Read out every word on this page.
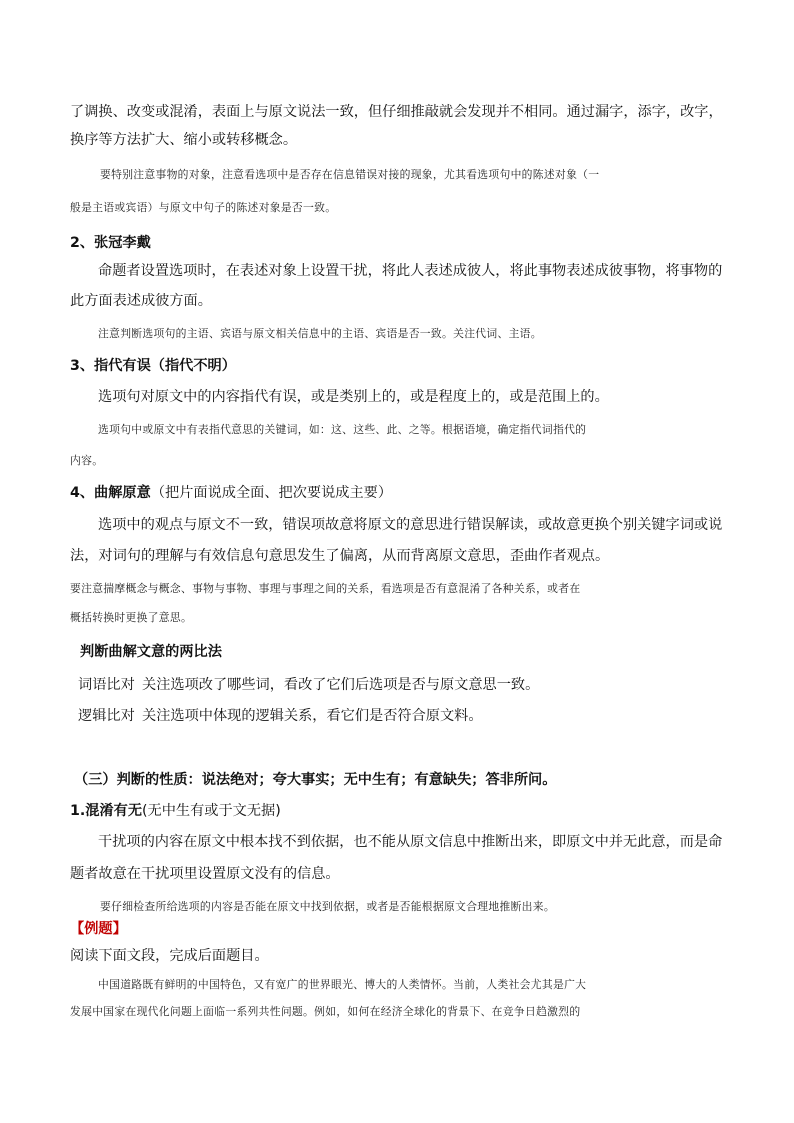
了调换、改变或混淆，表面上与原文说法一致，但仔细推敲就会发现并不相同。通过漏字，添字，改字，
换序等方法扩大、缩小或转移概念。
要特别注意事物的对象，注意看选项中是否存在信息错误对接的现象，尤其看选项句中的陈述对象（一
般是主语或宾语）与原文中句子的陈述对象是否一致。
2、张冠李戴
命题者设置选项时，在表述对象上设置干扰，将此人表述成彼人，将此事物表述成彼事物，将事物的
此方面表述成彼方面。
注意判断选项句的主语、宾语与原文相关信息中的主语、宾语是否一致。关注代词、主语。
3、指代有误（指代不明）
选项句对原文中的内容指代有误，或是类别上的，或是程度上的，或是范围上的。
选项句中或原文中有表指代意思的关键词，如：这、这些、此、之等。根据语境，确定指代词指代的
内容。
4、曲解原意（把片面说成全面、把次要说成主要）
选项中的观点与原文不一致，错误项故意将原文的意思进行错误解读，或故意更换个别关键字词或说
法，对词句的理解与有效信息句意思发生了偏离，从而背离原文意思，歪曲作者观点。
要注意揣摩概念与概念、事物与事物、事理与事理之间的关系，看选项是否有意混淆了各种关系，或者在
概括转换时更换了意思。
判断曲解文意的两比法
词语比对 关注选项改了哪些词，看改了它们后选项是否与原文意思一致。
逻辑比对 关注选项中体现的逻辑关系，看它们是否符合原文料。
（三）判断的性质：说法绝对；夸大事实；无中生有；有意缺失；答非所问。
1.混淆有无(无中生有或于文无据)
干扰项的内容在原文中根本找不到依据，也不能从原文信息中推断出来，即原文中并无此意，而是命
题者故意在干扰项里设置原文没有的信息。
要仔细检查所给选项的内容是否能在原文中找到依据，或者是否能根据原文合理地推断出来。
【例题】
阅读下面文段，完成后面题目。
中国道路既有鲜明的中国特色，又有宽广的世界眼光、博大的人类情怀。当前，人类社会尤其是广大
发展中国家在现代化问题上面临一系列共性问题。例如，如何在经济全球化的背景下、在竞争日趋激烈的
